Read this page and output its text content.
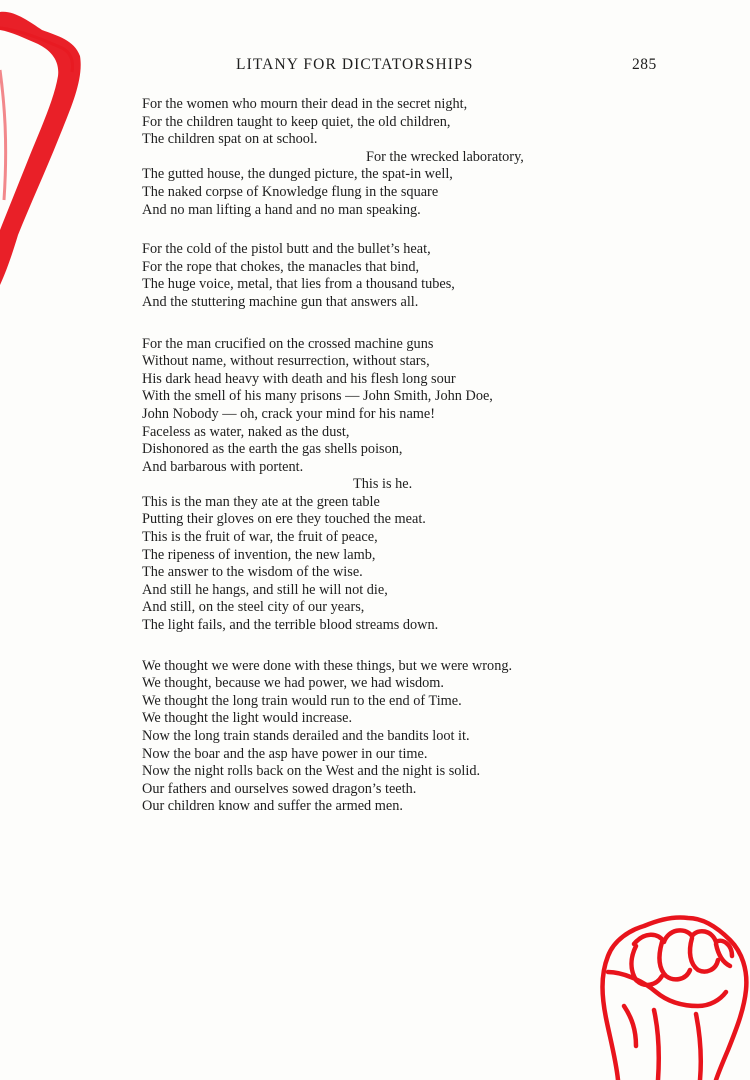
LITANY FOR DICTATORSHIPS	285
For the women who mourn their dead in the secret night,
For the children taught to keep quiet, the old children,
The children spat on at school.
For the wrecked laboratory,
The gutted house, the dunged picture, the spat-in well,
The naked corpse of Knowledge flung in the square
And no man lifting a hand and no man speaking.
For the cold of the pistol butt and the bullet’s heat,
For the rope that chokes, the manacles that bind,
The huge voice, metal, that lies from a thousand tubes,
And the stuttering machine gun that answers all.
For the man crucified on the crossed machine guns
Without name, without resurrection, without stars,
His dark head heavy with death and his flesh long sour
With the smell of his many prisons — John Smith, John Doe,
John Nobody — oh, crack your mind for his name!
Faceless as water, naked as the dust,
Dishonored as the earth the gas shells poison,
And barbarous with portent.
This is he.
This is the man they ate at the green table
Putting their gloves on ere they touched the meat.
This is the fruit of war, the fruit of peace,
The ripeness of invention, the new lamb,
The answer to the wisdom of the wise.
And still he hangs, and still he will not die,
And still, on the steel city of our years,
The light fails, and the terrible blood streams down.
We thought we were done with these things, but we were wrong.
We thought, because we had power, we had wisdom.
We thought the long train would run to the end of Time.
We thought the light would increase.
Now the long train stands derailed and the bandits loot it.
Now the boar and the asp have power in our time.
Now the night rolls back on the West and the night is solid.
Our fathers and ourselves sowed dragon’s teeth.
Our children know and suffer the armed men.
